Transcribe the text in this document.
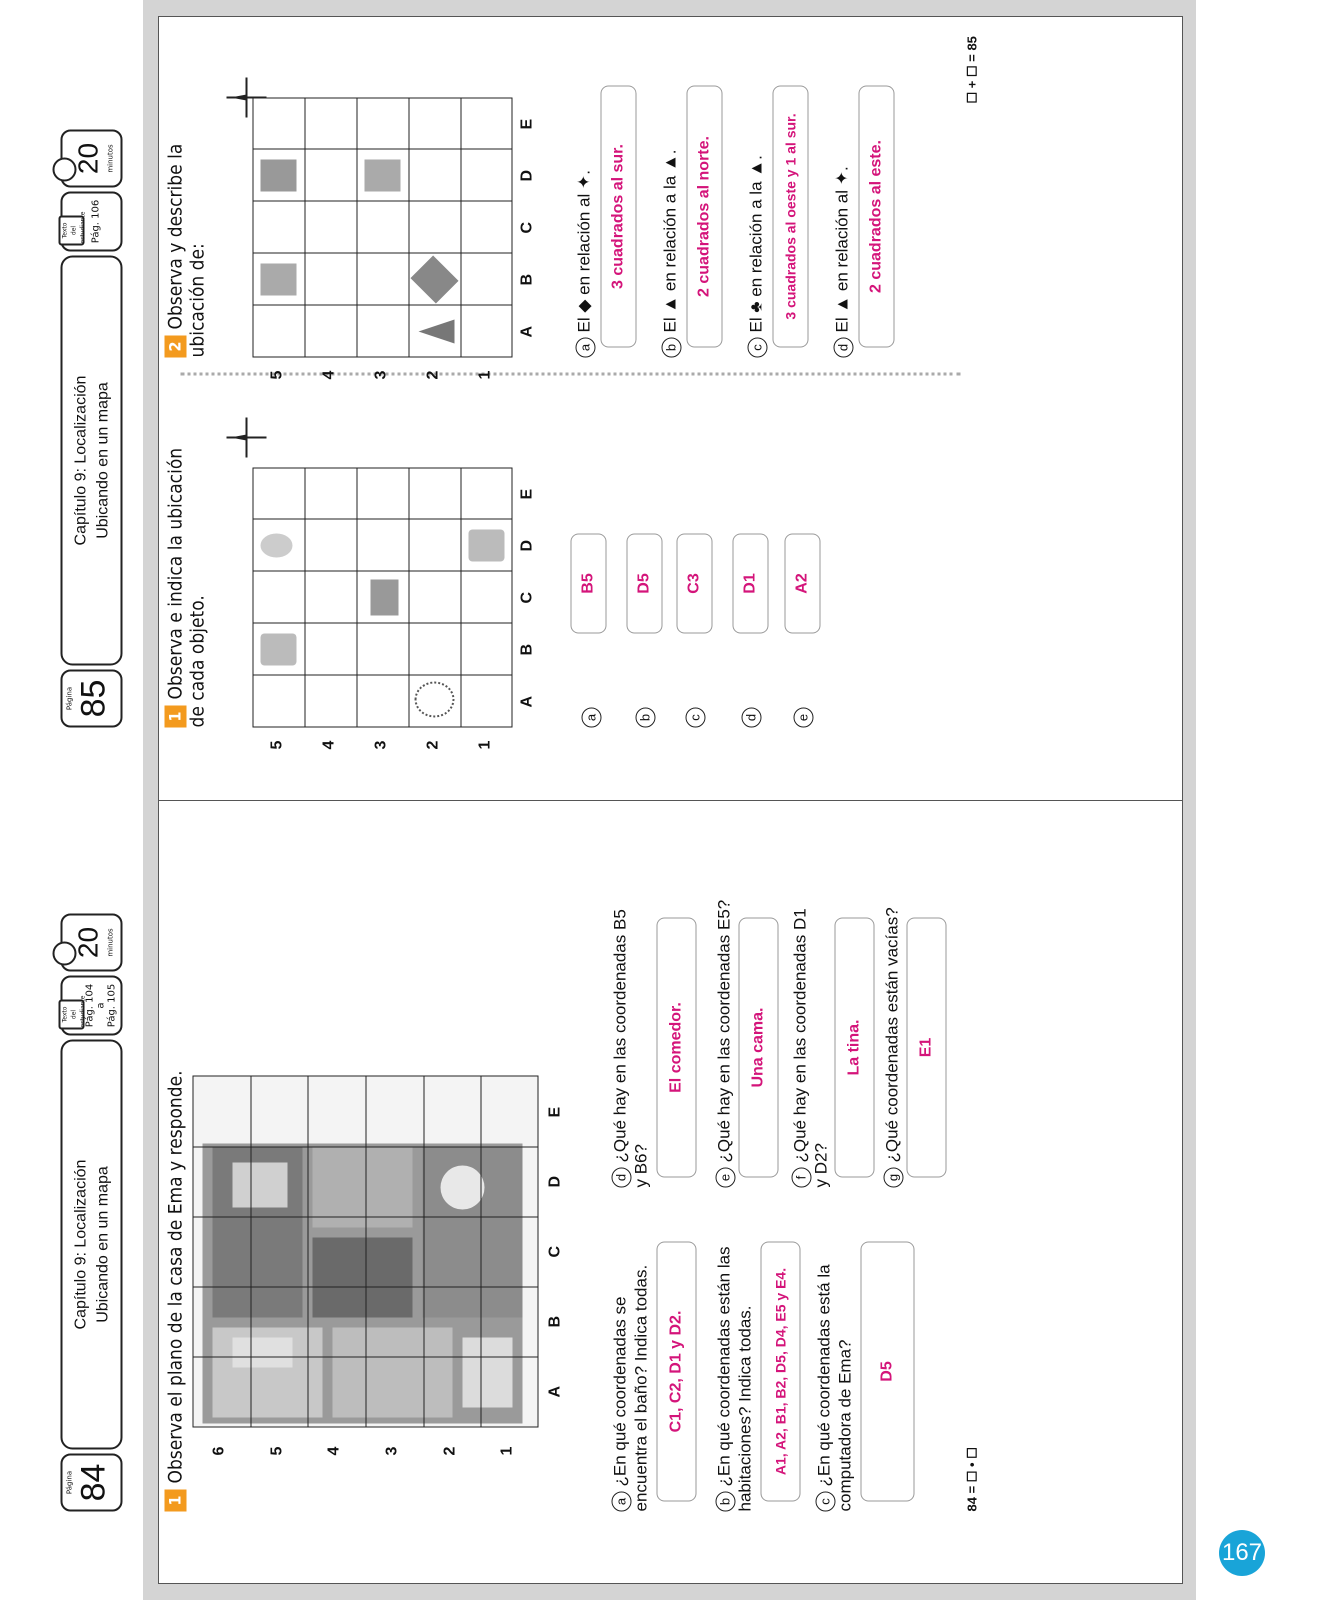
167
Página 84
Capítulo 9: Localización Ubicando en un mapa
Texto del estudiante
Pág. 104 a Pág. 105
20 minutos
1Observa el plano de la casa de Ema y responde. 6	5	4	3	2	1
A
B
C
D
E
a¿En qué coordenadas se encuentra el baño? Indica todas.	C1, C2, D1 y D2.
b¿En qué coordenadas están las habitaciones? Indica todas.	A1, A2, B1, B2, D5, D4, E5 y E4.
c¿En qué coordenadas está la computadora de Ema?	D5
d¿Qué hay en las coordenadas B5 y B6?
El comedor.
e¿Qué hay en las coordenadas E5?	Una cama.
f¿Qué hay en las coordenadas D1 y D2?
La tina.
g¿Qué coordenadas están vacías?	E1
84 = ☐ • ☐
Página 85
Capítulo 9: Localización Ubicando en un mapa
Texto del estudiante Pág. 106
20 minutos
1Observa e indica la ubicación de cada objeto.
5 4 3 2 1
A
B
C
D
E
a
B5
b
D5
c
C3
d
D1
e
A2
2Observa y describe la ubicación de:
5 4 3 2 1
A
B
C
D
E
aEl ◆ en relación al ✦.	3 cuadrados al sur.
bEl ▲ en relación a la ▲.	2 cuadrados al norte.
cEl ♣ en relación a la ▲.	3 cuadrados al oeste y 1 al sur.
dEl ▲ en relación al ✦.	2 cuadrados al este.
☐ + ☐ = 85
